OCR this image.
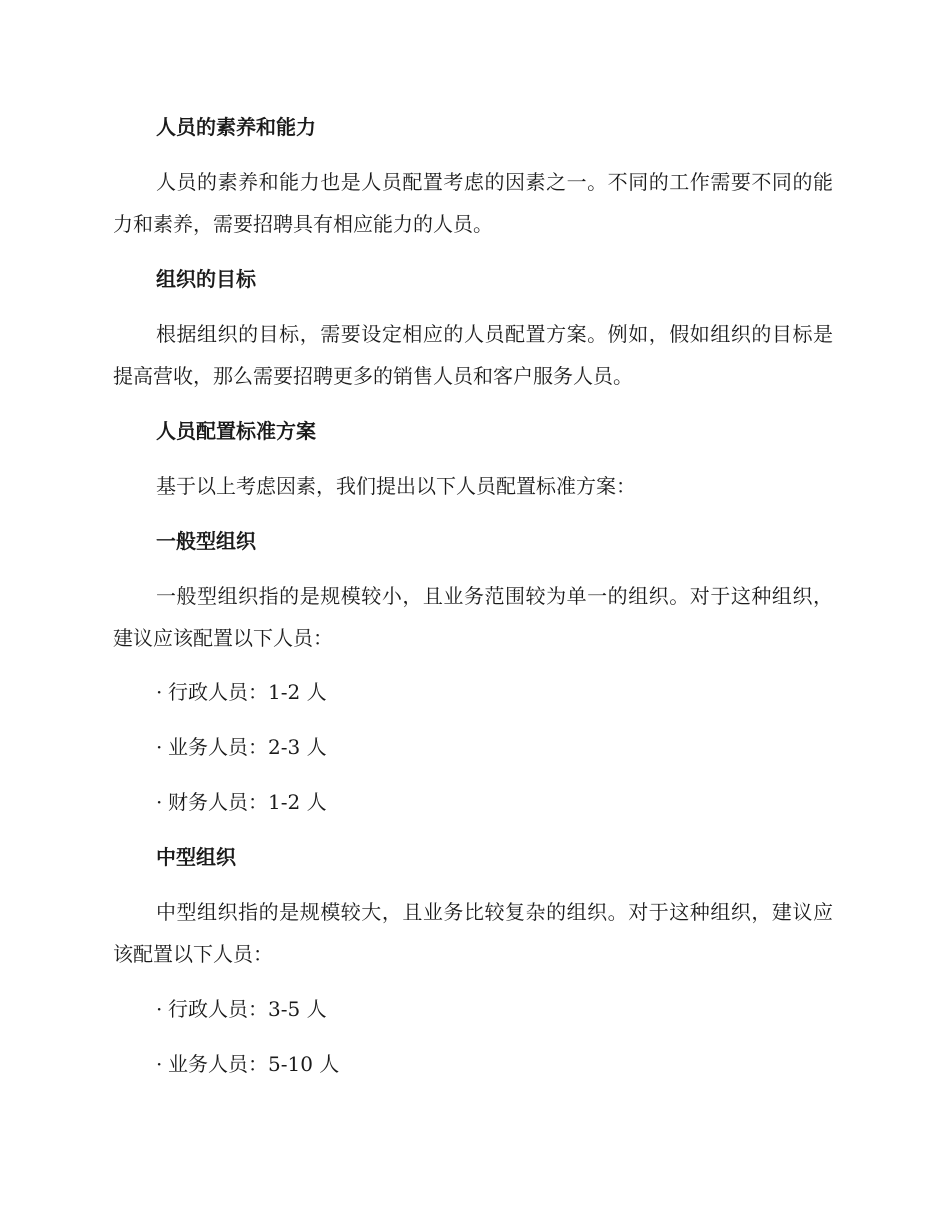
人员的素养和能力

人员的素养和能力也是人员配置考虑的因素之一。不同的工作需要不同的能力和素养，需要招聘具有相应能力的人员。

组织的目标

根据组织的目标，需要设定相应的人员配置方案。例如，假如组织的目标是提高营收，那么需要招聘更多的销售人员和客户服务人员。

人员配置标准方案

基于以上考虑因素，我们提出以下人员配置标准方案：

一般型组织

一般型组织指的是规模较小，且业务范围较为单一的组织。对于这种组织，建议应该配置以下人员：

· 行政人员：1-2 人
· 业务人员：2-3 人
· 财务人员：1-2 人
中型组织

中型组织指的是规模较大，且业务比较复杂的组织。对于这种组织，建议应该配置以下人员：

· 行政人员：3-5 人
· 业务人员：5-10 人
